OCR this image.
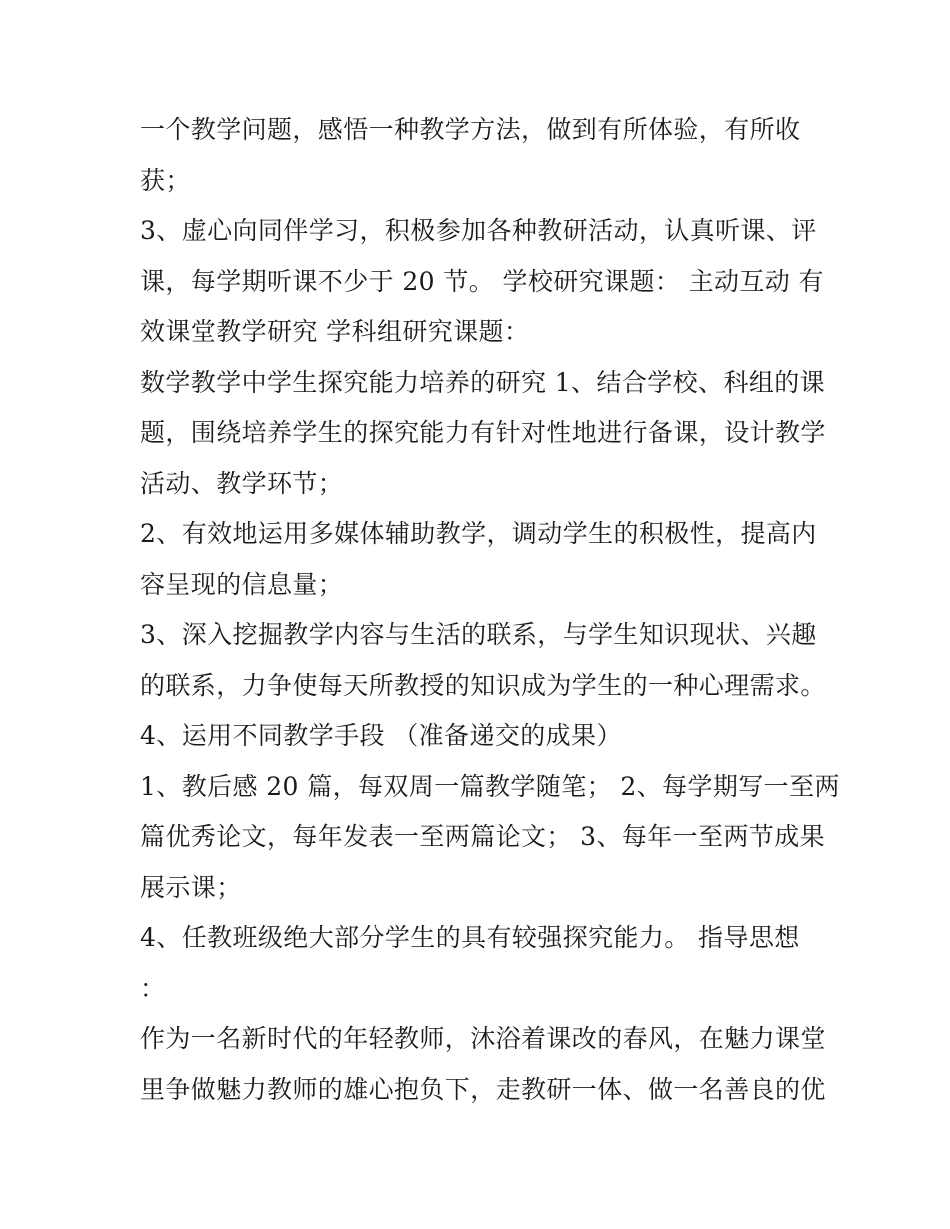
一个教学问题，感悟一种教学方法，做到有所体验，有所收
获；
3、虚心向同伴学习，积极参加各种教研活动，认真听课、评
课，每学期听课不少于 20 节。 学校研究课题： 主动互动 有
效课堂教学研究 学科组研究课题：
数学教学中学生探究能力培养的研究 1、结合学校、科组的课
题，围绕培养学生的探究能力有针对性地进行备课，设计教学
活动、教学环节；
2、有效地运用多媒体辅助教学，调动学生的积极性，提高内
容呈现的信息量；
3、深入挖掘教学内容与生活的联系，与学生知识现状、兴趣
的联系，力争使每天所教授的知识成为学生的一种心理需求。
4、运用不同教学手段 （准备递交的成果）
1、教后感 20 篇，每双周一篇教学随笔； 2、每学期写一至两
篇优秀论文，每年发表一至两篇论文； 3、每年一至两节成果
展示课；
4、任教班级绝大部分学生的具有较强探究能力。 指导思想
：
作为一名新时代的年轻教师，沐浴着课改的春风，在魅力课堂
里争做魅力教师的雄心抱负下，走教研一体、做一名善良的优
